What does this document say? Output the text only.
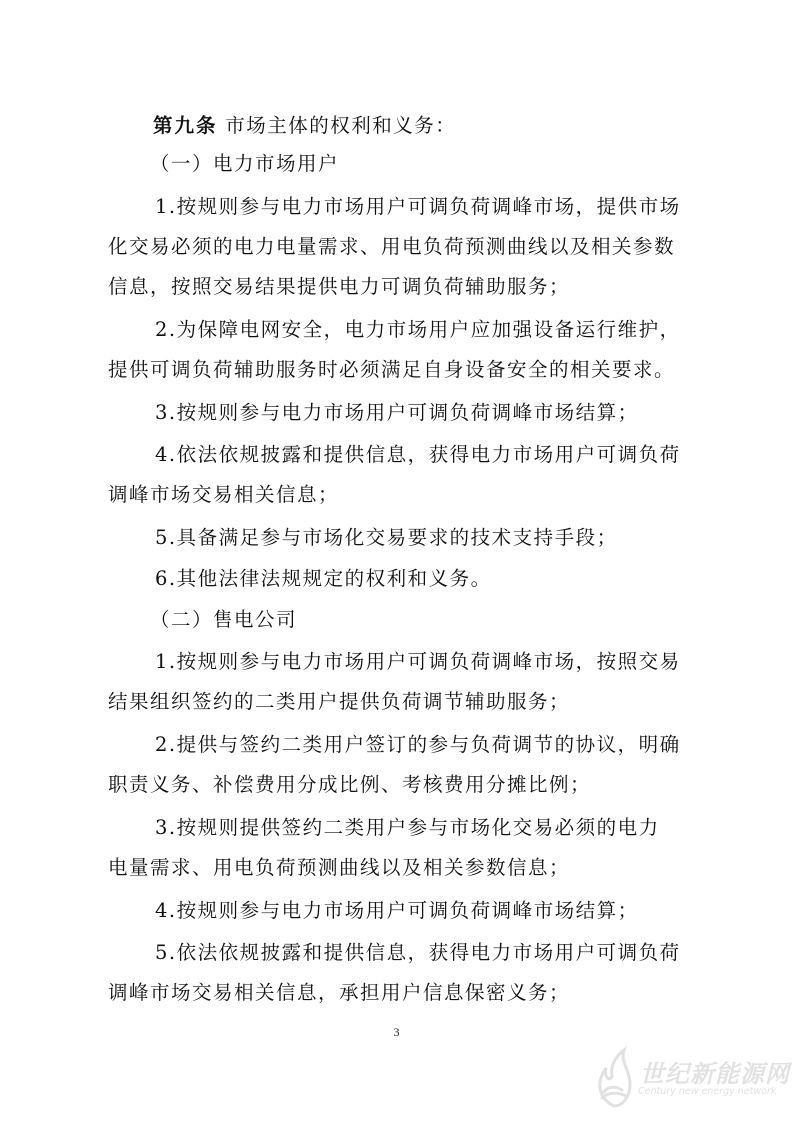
第九条 市场主体的权利和义务：
（一）电力市场用户
1.按规则参与电力市场用户可调负荷调峰市场，提供市场
化交易必须的电力电量需求、用电负荷预测曲线以及相关参数
信息，按照交易结果提供电力可调负荷辅助服务；
2.为保障电网安全，电力市场用户应加强设备运行维护，
提供可调负荷辅助服务时必须满足自身设备安全的相关要求。
3.按规则参与电力市场用户可调负荷调峰市场结算；
4.依法依规披露和提供信息，获得电力市场用户可调负荷
调峰市场交易相关信息；
5.具备满足参与市场化交易要求的技术支持手段；
6.其他法律法规规定的权利和义务。
（二）售电公司
1.按规则参与电力市场用户可调负荷调峰市场，按照交易
结果组织签约的二类用户提供负荷调节辅助服务；
2.提供与签约二类用户签订的参与负荷调节的协议，明确
职责义务、补偿费用分成比例、考核费用分摊比例；
3.按规则提供签约二类用户参与市场化交易必须的电力
电量需求、用电负荷预测曲线以及相关参数信息；
4.按规则参与电力市场用户可调负荷调峰市场结算；
5.依法依规披露和提供信息，获得电力市场用户可调负荷
调峰市场交易相关信息，承担用户信息保密义务；
3
世纪新能源网
Century new energy network
